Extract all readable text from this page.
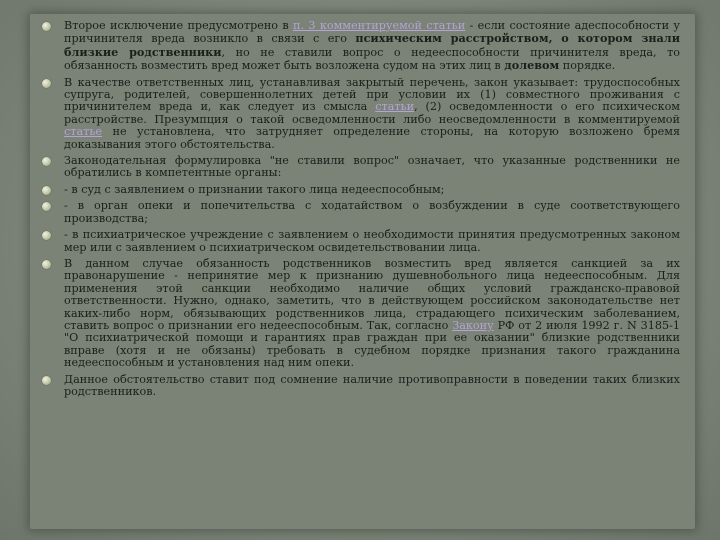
Второе исключение предусмотрено в п. 3 комментируемой статьи - если состояние адеспособности у причинителя вреда возникло в связи с его психическим расстройством, о котором знали близкие родственники, но не ставили вопрос о недееспособности причинителя вреда, то обязанность возместить вред может быть возложена судом на этих лиц в долевом порядке.
В качестве ответственных лиц, устанавливая закрытый перечень, закон указывает: трудоспособных супруга, родителей, совершеннолетних детей при условии их (1) совместного проживания с причинителем вреда и, как следует из смысла статьи, (2) осведомленности о его психическом расстройстве. Презумпция о такой осведомленности либо неосведомленности в комментируемой статье не установлена, что затрудняет определение стороны, на которую возложено бремя доказывания этого обстоятельства.
Законодательная формулировка "не ставили вопрос" означает, что указанные родственники не обратились в компетентные органы:
- в суд с заявлением о признании такого лица недееспособным;
- в орган опеки и попечительства с ходатайством о возбуждении в суде соответствующего производства;
- в психиатрическое учреждение с заявлением о необходимости принятия предусмотренных законом мер или с заявлением о психиатрическом освидетельствовании лица.
В данном случае обязанность родственников возместить вред является санкцией за их правонарушение - непринятие мер к признанию душевнобольного лица недееспособным. Для применения этой санкции необходимо наличие общих условий гражданско-правовой ответственности. Нужно, однако, заметить, что в действующем российском законодательстве нет каких-либо норм, обязывающих родственников лица, страдающего психическим заболеванием, ставить вопрос о признании его недееспособным. Так, согласно Закону РФ от 2 июля 1992 г. N 3185-1 "О психиатрической помощи и гарантиях прав граждан при ее оказании" близкие родственники вправе (хотя и не обязаны) требовать в судебном порядке признания такого гражданина недееспособным и установления над ним опеки.
Данное обстоятельство ставит под сомнение наличие противоправности в поведении таких близких родственников.
